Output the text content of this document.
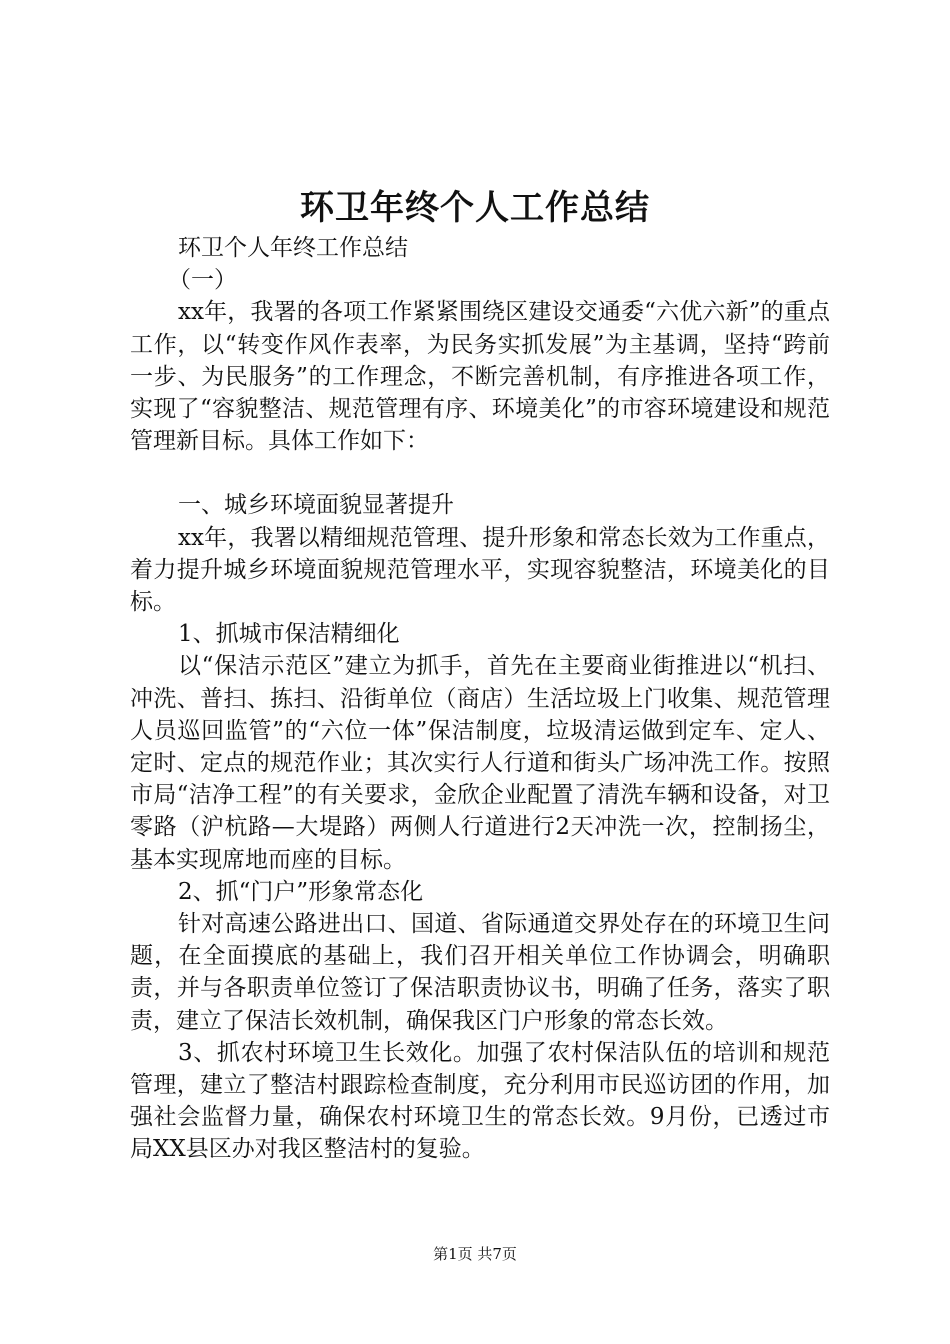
环卫年终个人工作总结

环卫个人年终工作总结

（一）

xx年，我署的各项工作紧紧围绕区建设交通委“六优六新”的重点工作，以“转变作风作表率，为民务实抓发展”为主基调，坚持“跨前一步、为民服务”的工作理念，不断完善机制，有序推进各项工作，实现了“容貌整洁、规范管理有序、环境美化”的市容环境建设和规范管理新目标。具体工作如下：

一、城乡环境面貌显著提升

xx年，我署以精细规范管理、提升形象和常态长效为工作重点，着力提升城乡环境面貌规范管理水平，实现容貌整洁，环境美化的目标。

1、抓城市保洁精细化

以“保洁示范区”建立为抓手，首先在主要商业街推进以“机扫、冲洗、普扫、拣扫、沿街单位（商店）生活垃圾上门收集、规范管理人员巡回监管”的“六位一体”保洁制度，垃圾清运做到定车、定人、定时、定点的规范作业；其次实行人行道和街头广场冲洗工作。按照市局“洁净工程”的有关要求，金欣企业配置了清洗车辆和设备，对卫零路（沪杭路—大堤路）两侧人行道进行2天冲洗一次，控制扬尘，基本实现席地而座的目标。

2、抓“门户”形象常态化

针对高速公路进出口、国道、省际通道交界处存在的环境卫生问题，在全面摸底的基础上，我们召开相关单位工作协调会，明确职责，并与各职责单位签订了保洁职责协议书，明确了任务，落实了职责，建立了保洁长效机制，确保我区门户形象的常态长效。

3、抓农村环境卫生长效化。加强了农村保洁队伍的培训和规范管理，建立了整洁村跟踪检查制度，充分利用市民巡访团的作用，加强社会监督力量，确保农村环境卫生的常态长效。9月份，已透过市局XX县区办对我区整洁村的复验。

第1页 共7页
